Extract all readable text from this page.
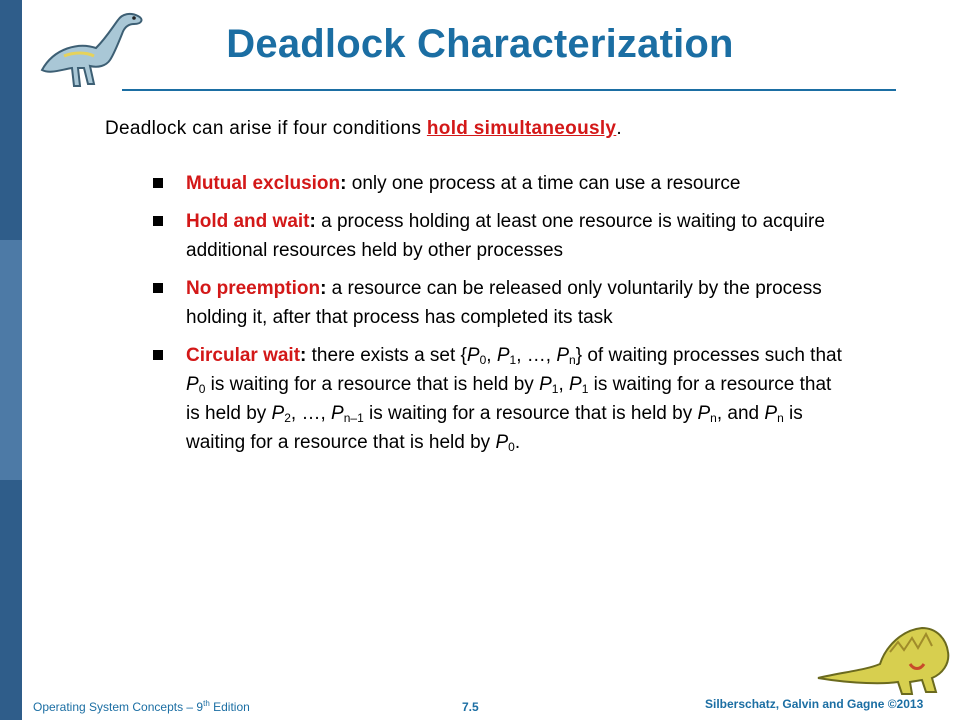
Deadlock Characterization
Deadlock can arise if four conditions hold simultaneously.
Mutual exclusion: only one process at a time can use a resource
Hold and wait: a process holding at least one resource is waiting to acquire additional resources held by other processes
No preemption: a resource can be released only voluntarily by the process holding it, after that process has completed its task
Circular wait: there exists a set {$P_0$, $P_1$, …, $P_n$} of waiting processes such that $P_0$ is waiting for a resource that is held by $P_1$, $P_1$ is waiting for a resource that is held by $P_2$, …, $P_{n-1}$ is waiting for a resource that is held by $P_n$, and $P_n$ is waiting for a resource that is held by $P_0$.
Operating System Concepts – 9th Edition	7.5	Silberschatz, Galvin and Gagne ©2013
